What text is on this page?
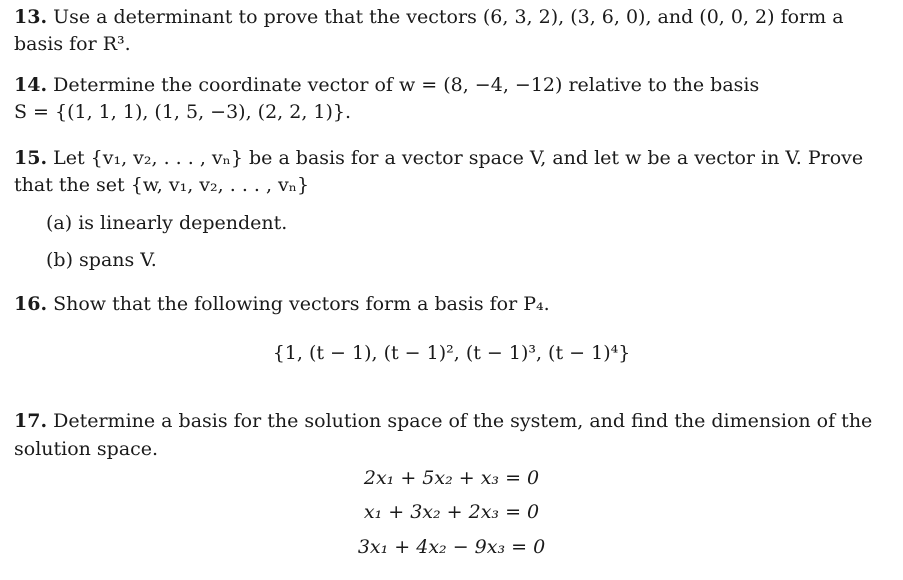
13. Use a determinant to prove that the vectors (6, 3, 2), (3, 6, 0), and (0, 0, 2) form a
basis for R³.
14. Determine the coordinate vector of w = (8, −4, −12) relative to the basis
S = {(1, 1, 1), (1, 5, −3), (2, 2, 1)}.
15. Let {v₁, v₂, . . . , vₙ} be a basis for a vector space V, and let w be a vector in V. Prove
that the set {w, v₁, v₂, . . . , vₙ}
(a) is linearly dependent.
(b) spans V.
16. Show that the following vectors form a basis for P₄.
{1, (t − 1), (t − 1)², (t − 1)³, (t − 1)⁴}
17. Determine a basis for the solution space of the system, and find the dimension of the
solution space.
2x₁ + 5x₂ + x₃ = 0
x₁ + 3x₂ + 2x₃ = 0
3x₁ + 4x₂ − 9x₃ = 0
